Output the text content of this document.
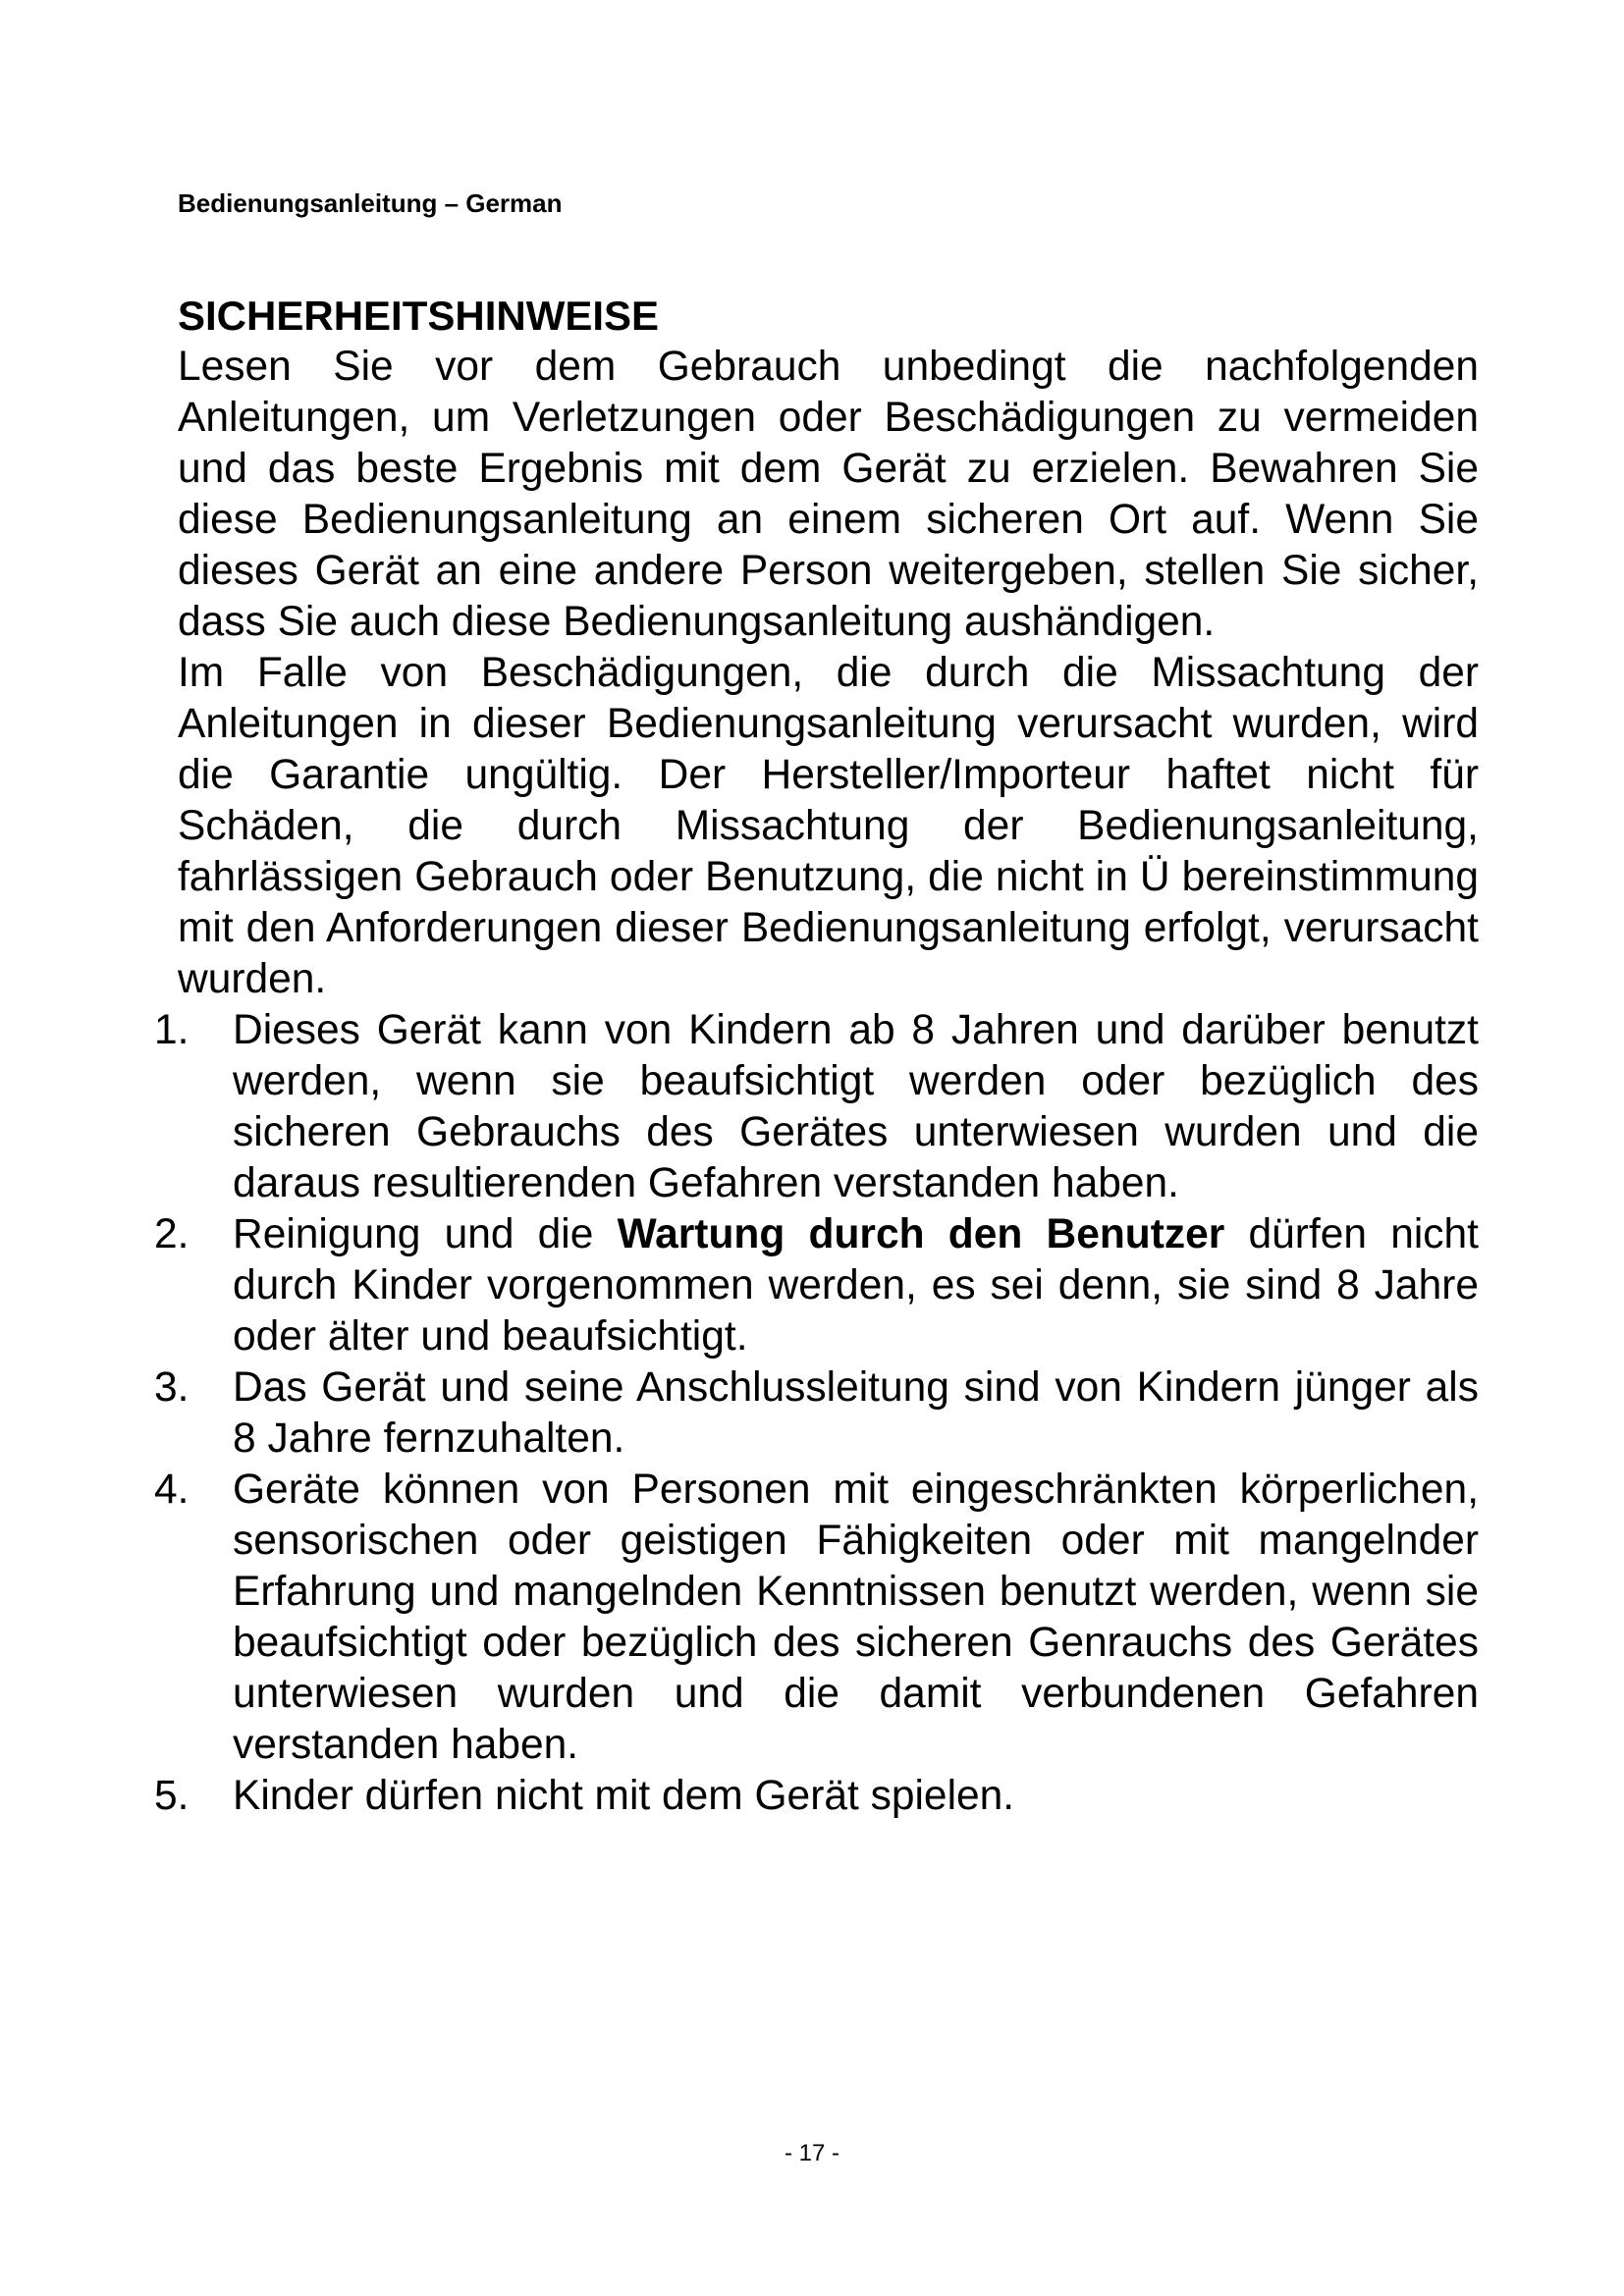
Bedienungsanleitung – German
SICHERHEITSHINWEISE

Lesen Sie vor dem Gebrauch unbedingt die nachfolgenden Anleitungen, um Verletzungen oder Beschädigungen zu vermeiden und das beste Ergebnis mit dem Gerät zu erzielen. Bewahren Sie diese Bedienungsanleitung an einem sicheren Ort auf. Wenn Sie dieses Gerät an eine andere Person weitergeben, stellen Sie sicher, dass Sie auch diese Bedienungsanleitung aushändigen.

Im Falle von Beschädigungen, die durch die Missachtung der Anleitungen in dieser Bedienungsanleitung verursacht wurden, wird die Garantie ungültig. Der Hersteller/Importeur haftet nicht für Schäden, die durch Missachtung der Bedienungsanleitung, fahrlässigen Gebrauch oder Benutzung, die nicht in Ü bereinstimmung mit den Anforderungen dieser Bedienungsanleitung erfolgt, verursacht wurden.

1. Dieses Gerät kann von Kindern ab 8 Jahren und darüber benutzt werden, wenn sie beaufsichtigt werden oder bezüglich des sicheren Gebrauchs des Gerätes unterwiesen wurden und die daraus resultierenden Gefahren verstanden haben.
2. Reinigung und die Wartung durch den Benutzer dürfen nicht durch Kinder vorgenommen werden, es sei denn, sie sind 8 Jahre oder älter und beaufsichtigt.
3. Das Gerät und seine Anschlussleitung sind von Kindern jünger als 8 Jahre fernzuhalten.
4. Geräte können von Personen mit eingeschränkten körperlichen, sensorischen oder geistigen Fähigkeiten oder mit mangelnder Erfahrung und mangelnden Kenntnissen benutzt werden, wenn sie beaufsichtigt oder bezüglich des sicheren Genrauchs des Gerätes unterwiesen wurden und die damit verbundenen Gefahren verstanden haben.
5. Kinder dürfen nicht mit dem Gerät spielen.
- 17 -
